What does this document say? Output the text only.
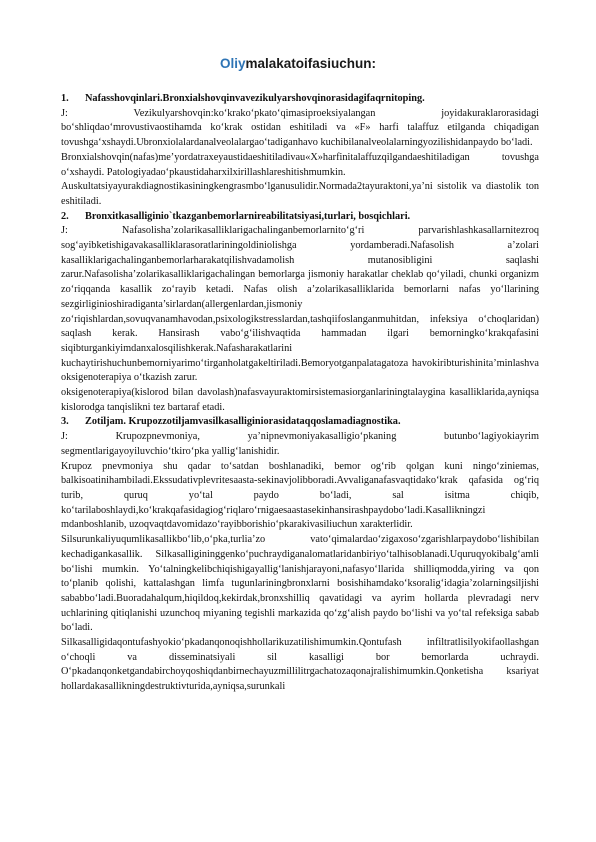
Oliymalakatoifasiuchun:

1. Nafasshovqinlari.Bronxialshovqinvavezikulyarshovqinorasidagifaqrnitoping.

J: Vezikulyarshovqin:ko‘krako‘pkato‘qimasiproeksiyalangan joyidakuraklarorasidagi bo‘shliqdao‘mrovustivaostihamda ko‘krak ostidan eshitiladi va «F» harfi talaffuz etilganda chiqadigan tovushga‘xshaydi.Ubronxiolalardanalveolalargao‘tadiganhavo kuchibilanalveolalarningyozilishidanpaydo bo‘ladi.

Bronxialshovqin(nafas)me’yordatraxeyaustidaeshitiladivau«X»harfinitalaffuzqilgandaeshitiladigan tovushga o‘xshaydi. Patologiyadao‘pkaustidaharxilxirillashlareshitishmumkin.

Auskultatsiyayurakdiagnostikasiningkengrasmbo‘lganusulidir.Normada2tayuraktoni,ya’ni sistolik va diastolik ton eshitiladi.

2. Bronxitkasalliginio`tkazganbemorlarnireabilitatsiyasi,turlari, bosqichlari.

J: Nafasolisha’zolarikasalliklarigachalinganbemorlarnito‘g‘ri parvarishlashkasallarnitezroq sog‘ayibketishigavakasalliklarasoratlariningoldiniolishga yordamberadi.Nafasolish a’zolari kasalliklarigachalinganbemorlarharakatqilishvadamolish mutanosibligini saqlashi zarur.Nafasolisha’zolarikasalliklarigachalingan bemorlarga jismoniy harakatlar cheklab qo‘yiladi, chunki organizm zo‘riqqanda kasallik zo‘rayib ketadi. Nafas olish a’zolarikasalliklarida bemorlarni nafas yo‘llarining sezgirliginioshiradiganta’sirlardan(allergenlardan,jismoniy zo‘riqishlardan,sovuqvanamhavodan,psixologikstresslardan,tashqiifoslanganmuhitdan, infeksiya o‘choqlaridan) saqlash kerak. Hansirash vabo‘g‘ilishvaqtida hammadan ilgari bemorningko‘krakqafasini siqibturgankiyimdanxalosqilishkerak.Nafasharakatlarini kuchaytirishuchunbemorniyarimo‘tirganholatgakeltiriladi.Bemoryotganpalatagatoza havokiribturishinita’minlashva oksigenoterapiya o‘tkazish zarur.

oksigenoterapiya(kislorod bilan davolash)nafasvayuraktomirsistemasiorganlariningtalaygina kasalliklarida,ayniqsa kislorodga tanqislikni tez bartaraf etadi.

3. Zotiljam. Krupozzotiljamvasilkasalliginiorasidataqqoslamadiagnostika.

J: Krupozpnevmoniya, ya’nipnevmoniyakasalligio‘pkaning butunbo‘lagiyokiayrim segmentlarigayoyiluvchio‘tkiro‘pka yallig‘lanishidir.

Krupoz pnevmoniya shu qadar to‘satdan boshlanadiki, bemor og‘rib qolgan kuni ningo‘ziniemas, balkisoatinihambiladi.Ekssudativplevritesaasta-sekinavjolibboradi.Avvaliganafasvaqtidako‘krak qafasida og‘riq turib, quruq yo‘tal paydo bo‘ladi, sal isitma chiqib, ko‘tarilaboshlaydi,ko‘krakqafasidagiog‘riqlaro‘rnigaesaastasekinhansirashpaydobo‘ladi.Kasallikningzi mdanboshlanib, uzoqvaqtdavomidazo‘rayibborishio‘pkarakivasiliuchun xarakterlidir.

Silsurunkaliyuqumlikasallikbo‘lib,o‘pka,turlia’zo vato‘qimalardao‘zigaxoso‘zgarishlarpaydobo‘lishibilan kechadigankasallik. Silkasalligininggenko‘puchraydiganalomatlaridanbiriyo‘talhisoblanadi.Uquruqyokibalg‘amli bo‘lishi mumkin. Yo‘talningkelibchiqishigayallig‘lanishjarayoni,nafasyo‘llarida shilliqmodda,yiring va qon to‘planib qolishi, kattalashgan limfa tugunlariningbronxlarni bosishihamdako‘ksoralig‘idagia’zolarningsiljishi sababbo‘ladi.Buoradahalqum,hiqildoq,kekirdak,bronxshilliq qavatidagi va ayrim hollarda plevradagi nerv uchlarining qitiqlanishi uzunchoq miyaning tegishli markazida qo‘zg‘alish paydo bo‘lishi va yo‘tal refeksiga sabab bo‘ladi.

Silkasalligidaqontufashyokio‘pkadanqonoqishhollarikuzatilishimumkin.Qontufash infiltratlisilyokifaollashgan o‘choqli va disseminatsiyali sil kasalligi bor bemorlarda uchraydi. O‘pkadanqonketgandabirchoyqoshiqdanbirnechayuzmillilitrgachatozaqonajralishimumkin.Qonketisha ksariyat hollardakasallikningdestruktivturida,ayniqsa,surunkali
